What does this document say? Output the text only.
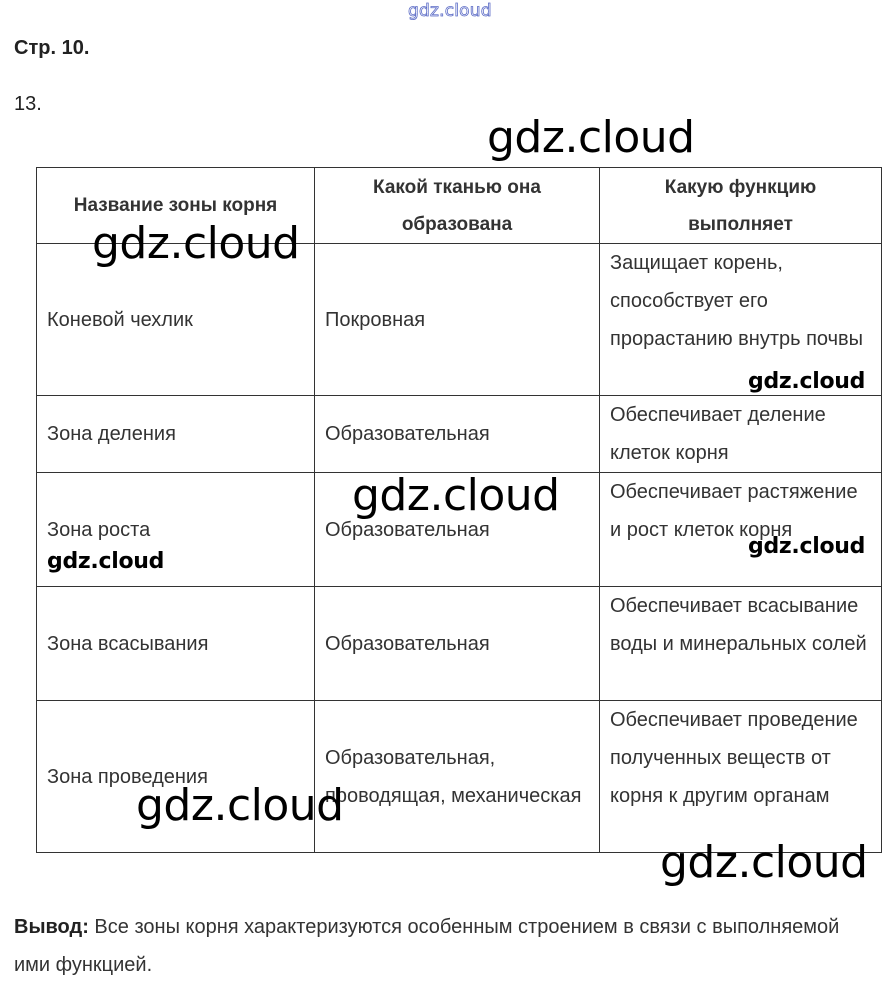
gdz.cloud
Стр. 10.
13.
Название зоны корня	Какой тканью она образована	Какую функцию выполняет
Коневой чехлик	Покровная	Защищает корень, способствует его прорастанию внутрь почвы
Зона деления	Образовательная	Обеспечивает деление клеток корня
Зона роста	Образовательная	Обеспечивает растяжение и рост клеток корня
Зона всасывания	Образовательная	Обеспечивает всасывание воды и минеральных солей
Зона проведения	Образовательная, проводящая, механическая	Обеспечивает проведение полученных веществ от корня к другим органам
gdz.cloud
gdz.cloud
gdz.cloud
gdz.cloud
gdz.cloud
gdz.cloud
gdz.cloud
gdz.cloud
Вывод: Все зоны корня характеризуются особенным строением в связи с выполняемой ими функцией.
